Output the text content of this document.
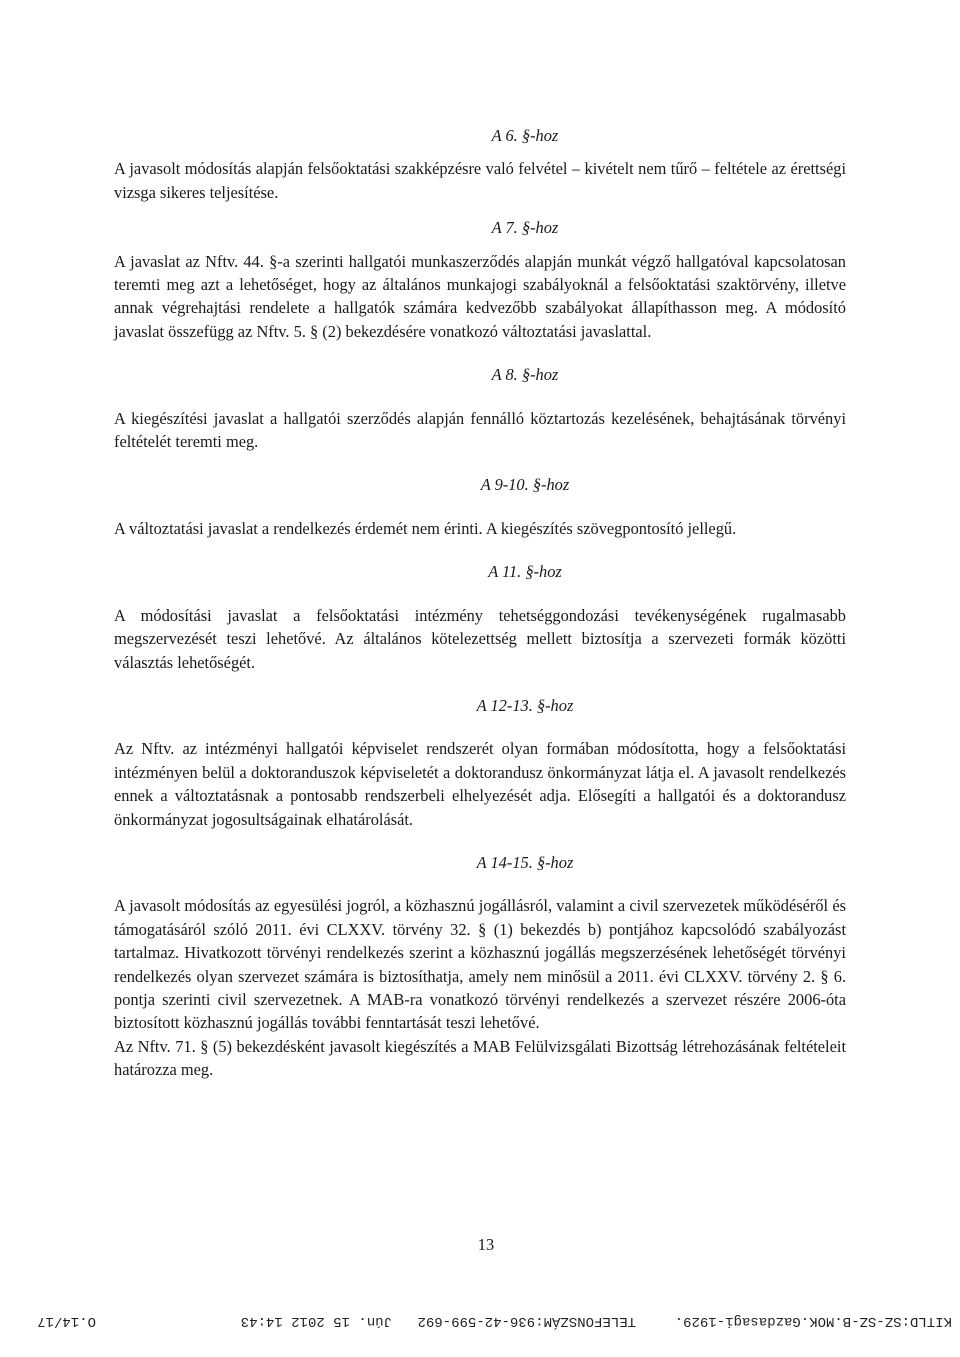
A 6. §-hoz

A javasolt módosítás alapján felsőoktatási szakképzésre való felvétel – kivételt nem tűrő – feltétele az érettségi vizsga sikeres teljesítése.

A 7. §-hoz

A javaslat az Nftv. 44. §-a szerinti hallgatói munkaszerződés alapján munkát végző hallgatóval kapcsolatosan teremti meg azt a lehetőséget, hogy az általános munkajogi szabályoknál a felsőoktatási szaktörvény, illetve annak végrehajtási rendelete a hallgatók számára kedvezőbb szabályokat állapíthasson meg. A módosító javaslat összefügg az Nftv. 5. § (2) bekezdésére vonatkozó változtatási javaslattal.

A 8. §-hoz

A kiegészítési javaslat a hallgatói szerződés alapján fennálló köztartozás kezelésének, behajtásának törvényi feltételét teremti meg.

A 9-10. §-hoz

A változtatási javaslat a rendelkezés érdemét nem érinti. A kiegészítés szövegpontosító jellegű.

A 11. §-hoz

A módosítási javaslat a felsőoktatási intézmény tehetséggondozási tevékenységének rugalmasabb megszervezését teszi lehetővé. Az általános kötelezettség mellett biztosítja a szervezeti formák közötti választás lehetőségét.

A 12-13. §-hoz

Az Nftv. az intézményi hallgatói képviselet rendszerét olyan formában módosította, hogy a felsőoktatási intézményen belül a doktoranduszok képviseletét a doktorandusz önkormányzat látja el. A javasolt rendelkezés ennek a változtatásnak a pontosabb rendszerbeli elhelyezését adja. Elősegíti a hallgatói és a doktorandusz önkormányzat jogosultságainak elhatárolását.

A 14-15. §-hoz

A javasolt módosítás az egyesülési jogról, a közhasznú jogállásról, valamint a civil szervezetek működéséről és támogatásáról szóló 2011. évi CLXXV. törvény 32. § (1) bekezdés b) pontjához kapcsolódó szabályozást tartalmaz. Hivatkozott törvényi rendelkezés szerint a közhasznú jogállás megszerzésének lehetőségét törvényi rendelkezés olyan szervezet számára is biztosíthatja, amely nem minősül a 2011. évi CLXXV. törvény 2. § 6. pontja szerinti civil szervezetnek. A MAB-ra vonatkozó törvényi rendelkezés a szervezet részére 2006-óta biztosított közhasznú jogállás további fenntartását teszi lehetővé.

Az Nftv. 71. § (5) bekezdésként javasolt kiegészítés a MAB Felülvizsgálati Bizottság létrehozásának feltételeit határozza meg.

13
KITLD:SZ-SZ-B.MOK.Gazdasagi-1929.
TELEFONSZÁM:936-42-599-692
Jún. 15 2012 14:43
O.14/17
